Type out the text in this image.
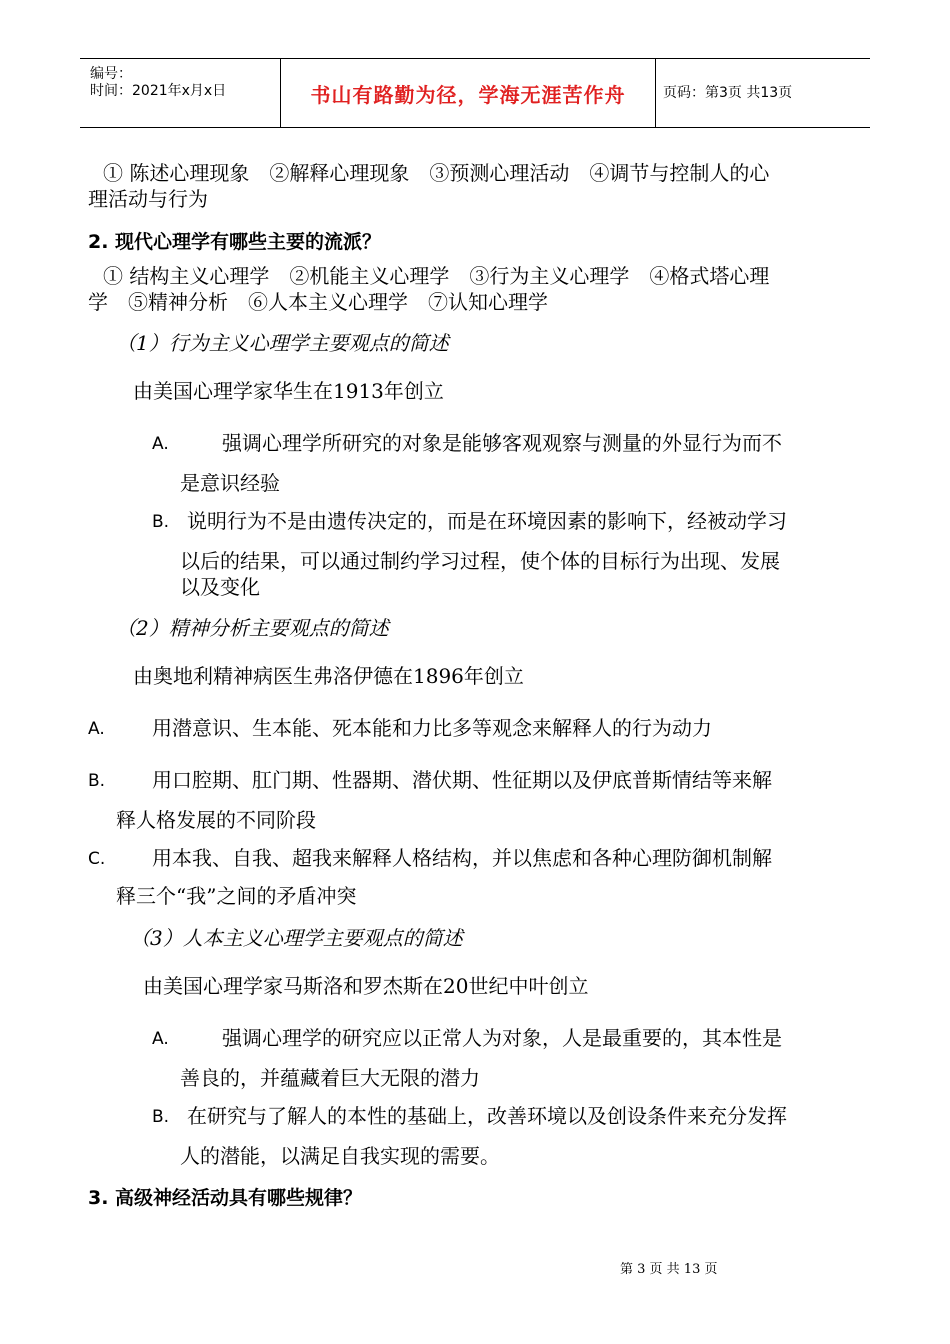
编号：
时间：2021年x月x日	书山有路勤为径，学海无涯苦作舟	页码：第3页 共13页
① 陈述心理现象　②解释心理现象　③预测心理活动　④调节与控制人的心
理活动与行为
2. 现代心理学有哪些主要的流派？
① 结构主义心理学　②机能主义心理学　③行为主义心理学　④格式塔心理
学　⑤精神分析　⑥人本主义心理学　⑦认知心理学
（1）行为主义心理学主要观点的简述
由美国心理学家华生在1913年创立
A.	强调心理学所研究的对象是能够客观观察与测量的外显行为而不
是意识经验
B. 说明行为不是由遗传决定的，而是在环境因素的影响下，经被动学习
以后的结果，可以通过制约学习过程，使个体的目标行为出现、发展
以及变化
（2）精神分析主要观点的简述
由奥地利精神病医生弗洛伊德在1896年创立
A. 用潜意识、生本能、死本能和力比多等观念来解释人的行为动力
B. 用口腔期、肛门期、性器期、潜伏期、性征期以及伊底普斯情结等来解
释人格发展的不同阶段
C. 用本我、自我、超我来解释人格结构，并以焦虑和各种心理防御机制解
释三个“我”之间的矛盾冲突
（3）人本主义心理学主要观点的简述
由美国心理学家马斯洛和罗杰斯在20世纪中叶创立
A.	强调心理学的研究应以正常人为对象，人是最重要的，其本性是
善良的，并蕴藏着巨大无限的潜力
B. 在研究与了解人的本性的基础上，改善环境以及创设条件来充分发挥
人的潜能，以满足自我实现的需要。
3. 高级神经活动具有哪些规律？
第 3 页 共 13 页
